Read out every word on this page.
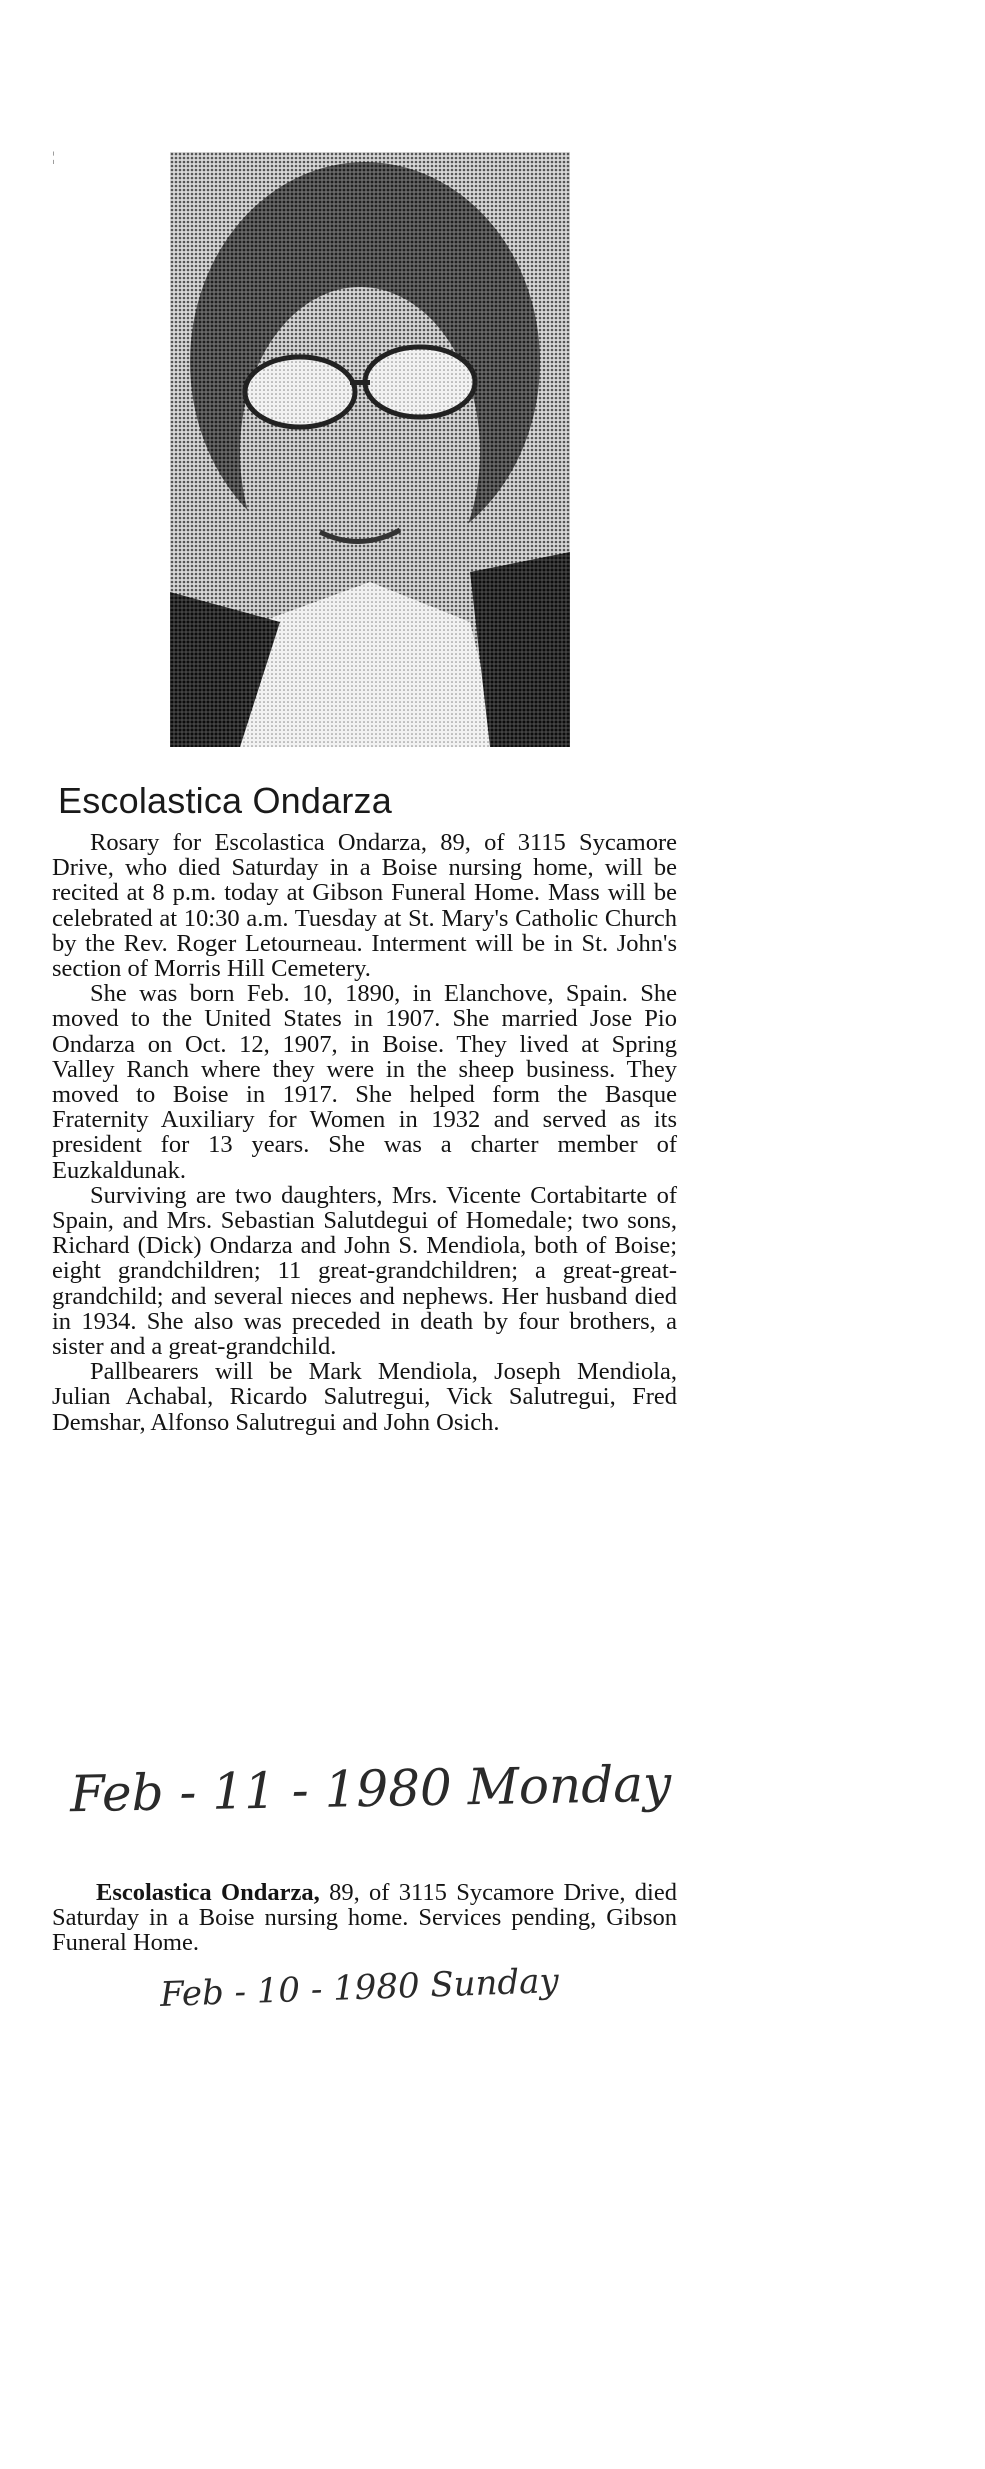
¦
Escolastica Ondarza

Rosary for Escolastica Ondarza, 89, of 3115 Sycamore Drive, who died Saturday in a Boise nursing home, will be recited at 8 p.m. today at Gibson Funeral Home. Mass will be celebrated at 10:30 a.m. Tuesday at St. Mary's Catholic Church by the Rev. Roger Letourneau. Interment will be in St. John's section of Morris Hill Cemetery.

She was born Feb. 10, 1890, in Elanchove, Spain. She moved to the United States in 1907. She married Jose Pio Ondarza on Oct. 12, 1907, in Boise. They lived at Spring Valley Ranch where they were in the sheep business. They moved to Boise in 1917. She helped form the Basque Fraternity Auxiliary for Women in 1932 and served as its president for 13 years. She was a charter member of Euzkaldunak.

Surviving are two daughters, Mrs. Vicente Cortabitarte of Spain, and Mrs. Sebastian Salutdegui of Homedale; two sons, Richard (Dick) Ondarza and John S. Mendiola, both of Boise; eight grandchildren; 11 great-grandchildren; a great-great-grandchild; and several nieces and nephews. Her husband died in 1934. She also was preceded in death by four brothers, a sister and a great-grandchild.

Pallbearers will be Mark Mendiola, Joseph Mendiola, Julian Achabal, Ricardo Salutregui, Vick Salutregui, Fred Demshar, Alfonso Salutregui and John Osich.

Feb - 11 - 1980 Monday

Escolastica Ondarza, 89, of 3115 Sycamore Drive, died Saturday in a Boise nursing home. Services pending, Gibson Funeral Home.

Feb - 10 - 1980 Sunday
